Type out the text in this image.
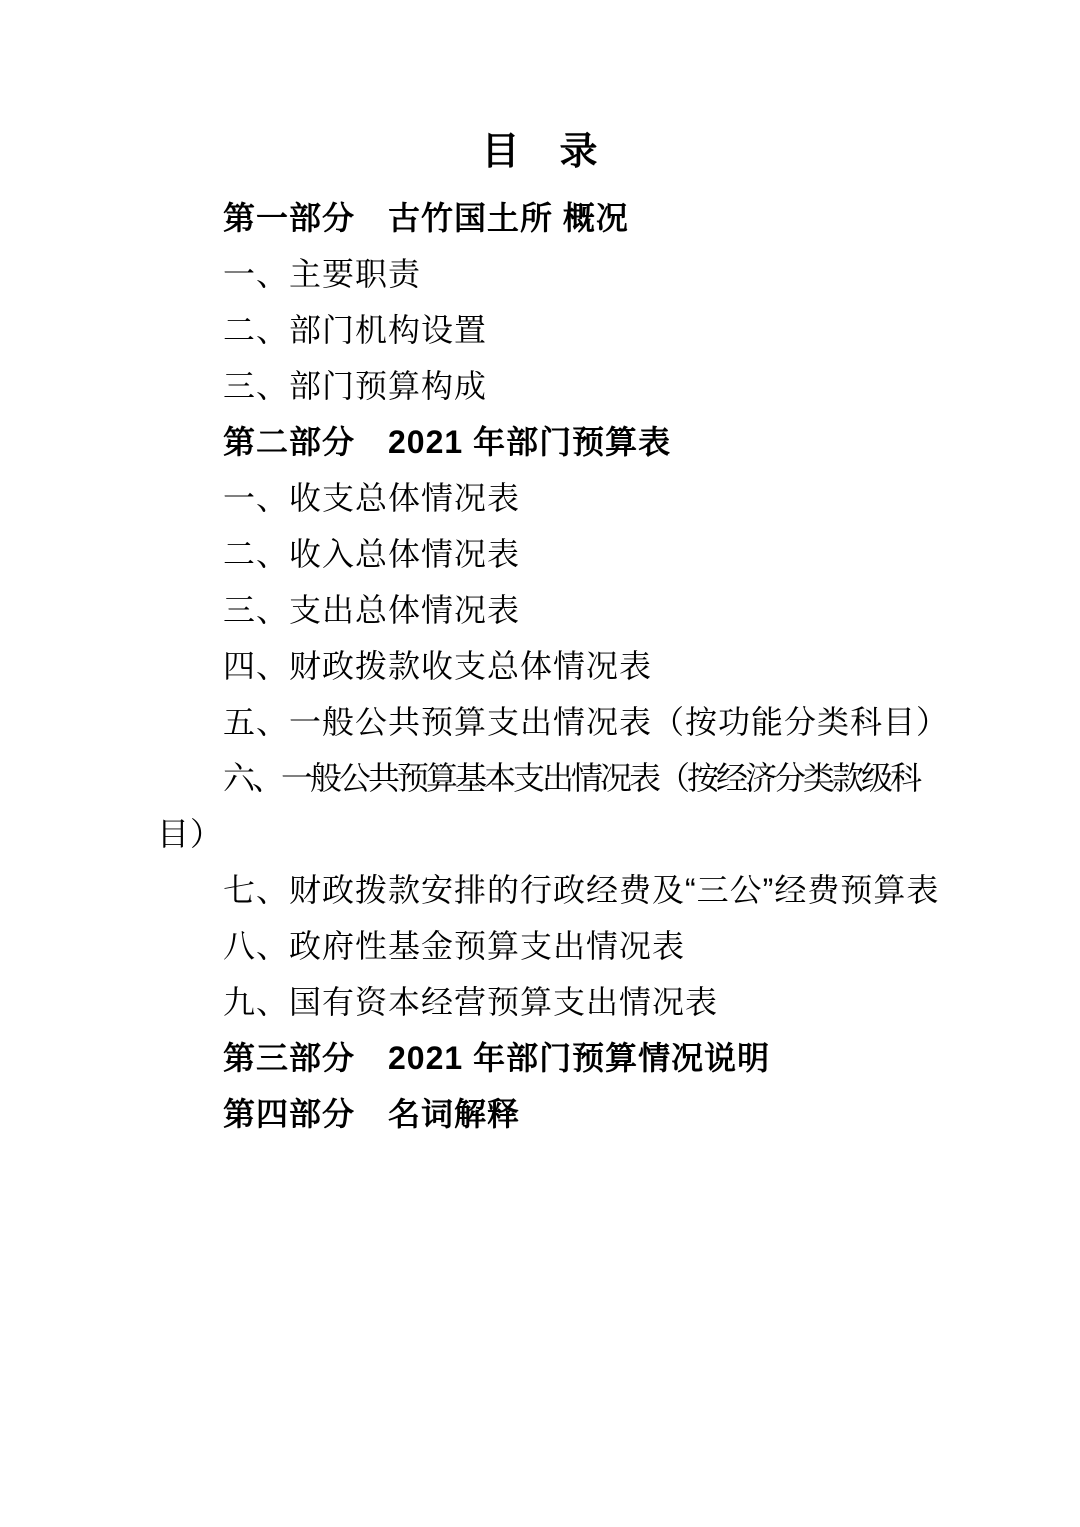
目　录
第一部分　古竹国土所 概况
一、主要职责
二、部门机构设置
三、部门预算构成
第二部分　2021 年部门预算表
一、收支总体情况表
二、收入总体情况表
三、支出总体情况表
四、财政拨款收支总体情况表
五、一般公共预算支出情况表（按功能分类科目）
六、一般公共预算基本支出情况表（按经济分类款级科
目）
七、财政拨款安排的行政经费及“三公”经费预算表
八、政府性基金预算支出情况表
九、国有资本经营预算支出情况表
第三部分　2021 年部门预算情况说明
第四部分　名词解释
